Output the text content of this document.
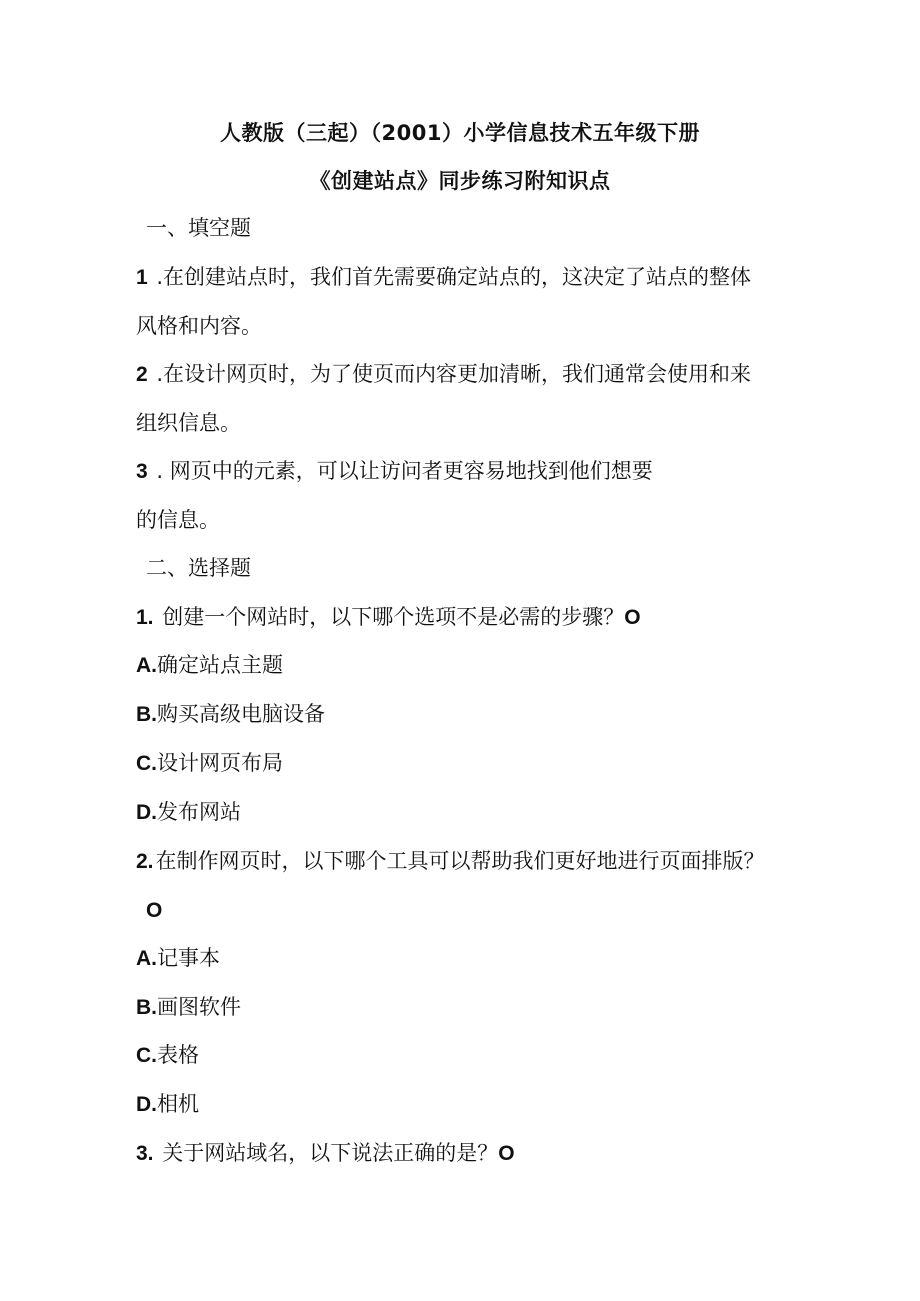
人教版（三起）（2001）小学信息技术五年级下册
《创建站点》同步练习附知识点
一、填空题
1 .在创建站点时，我们首先需要确定站点的，这决定了站点的整体
风格和内容。
2 .在设计网页时，为了使页而内容更加清晰，我们通常会使用和来
组织信息。
3 . 网页中的元素，可以让访问者更容易地找到他们想要
的信息。
二、选择题
1. 创建一个网站时，以下哪个选项不是必需的步骤？O
A.确定站点主题
B.购买高级电脑设备
C.设计网页布局
D.发布网站
2.在制作网页时，以下哪个工具可以帮助我们更好地进行页面排版？
O
A.记事本
B.画图软件
C.表格
D.相机
3. 关于网站域名，以下说法正确的是？O
